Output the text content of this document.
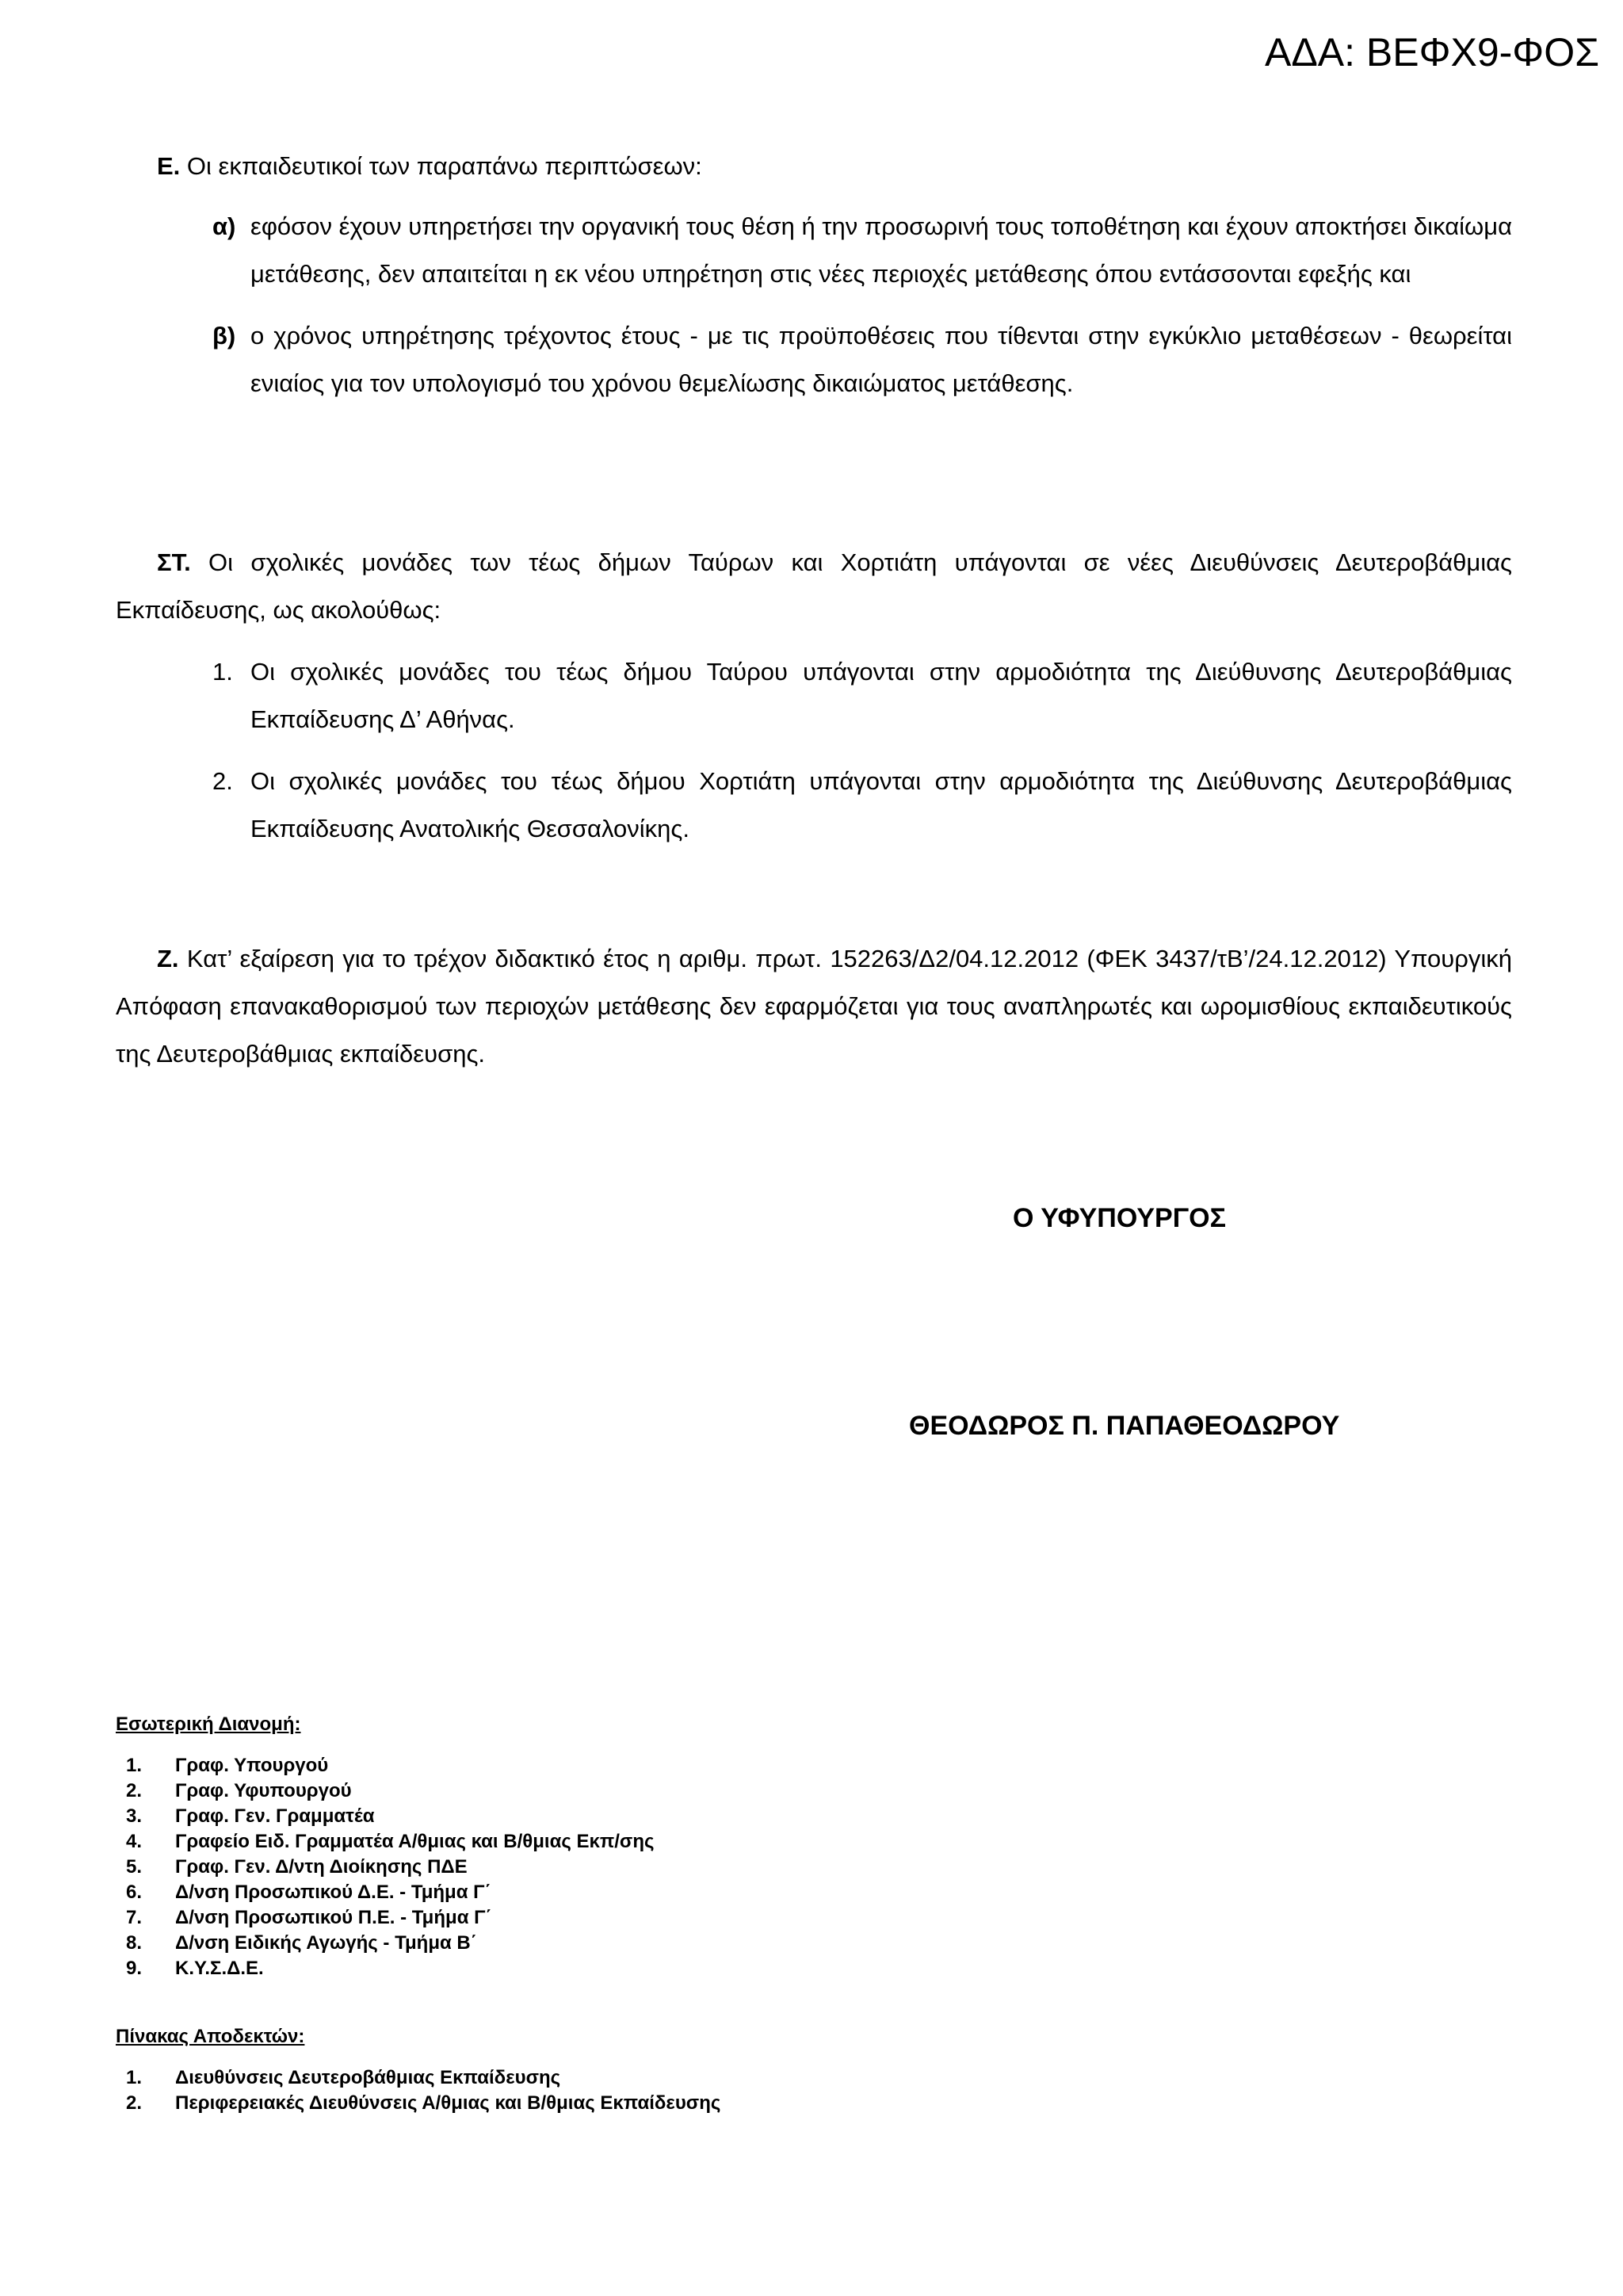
ΑΔΑ: ΒΕΦΧ9-ΦΟΣ

Ε. Οι εκπαιδευτικοί των παραπάνω περιπτώσεων:

α) εφόσον έχουν υπηρετήσει την οργανική τους θέση ή την προσωρινή τους τοποθέτηση και έχουν αποκτήσει δικαίωμα μετάθεσης, δεν απαιτείται η εκ νέου υπηρέτηση στις νέες περιοχές μετάθεσης όπου εντάσσονται εφεξής και

β) ο χρόνος υπηρέτησης τρέχοντος έτους - με τις προϋποθέσεις που τίθενται στην εγκύκλιο μεταθέσεων - θεωρείται ενιαίος για τον υπολογισμό του χρόνου θεμελίωσης δικαιώματος μετάθεσης.

ΣΤ. Οι σχολικές μονάδες των τέως δήμων Ταύρων και Χορτιάτη υπάγονται σε νέες Διευθύνσεις Δευτεροβάθμιας Εκπαίδευσης, ως ακολούθως:

1. Οι σχολικές μονάδες του τέως δήμου Ταύρου υπάγονται στην αρμοδιότητα της Διεύθυνσης Δευτεροβάθμιας Εκπαίδευσης Δ’ Αθήνας.

2. Οι σχολικές μονάδες του τέως δήμου Χορτιάτη υπάγονται στην αρμοδιότητα της Διεύθυνσης Δευτεροβάθμιας Εκπαίδευσης Ανατολικής Θεσσαλονίκης.

Ζ. Κατ’ εξαίρεση για το τρέχον διδακτικό έτος η αριθμ. πρωτ. 152263/Δ2/04.12.2012 (ΦΕΚ 3437/τΒ’/24.12.2012) Υπουργική Απόφαση επανακαθορισμού των περιοχών μετάθεσης δεν εφαρμόζεται για τους αναπληρωτές και ωρομισθίους εκπαιδευτικούς της Δευτεροβάθμιας εκπαίδευσης.

Ο ΥΦΥΠΟΥΡΓΟΣ
ΘΕΟΔΩΡΟΣ Π. ΠΑΠΑΘΕΟΔΩΡΟΥ
Εσωτερική Διανομή:
1. Γραφ. Υπουργού
2. Γραφ. Υφυπουργού
3. Γραφ. Γεν. Γραμματέα
4. Γραφείο Ειδ. Γραμματέα Α/θμιας και Β/θμιας Εκπ/σης
5. Γραφ. Γεν. Δ/ντη Διοίκησης ΠΔΕ
6. Δ/νση Προσωπικού Δ.Ε. - Τμήμα Γ΄
7. Δ/νση Προσωπικού Π.Ε. - Τμήμα Γ΄
8. Δ/νση Ειδικής Αγωγής - Τμήμα Β΄
9. Κ.Υ.Σ.Δ.Ε.
Πίνακας Αποδεκτών:
1. Διευθύνσεις Δευτεροβάθμιας Εκπαίδευσης
2. Περιφερειακές Διευθύνσεις Α/θμιας και Β/θμιας Εκπαίδευσης
